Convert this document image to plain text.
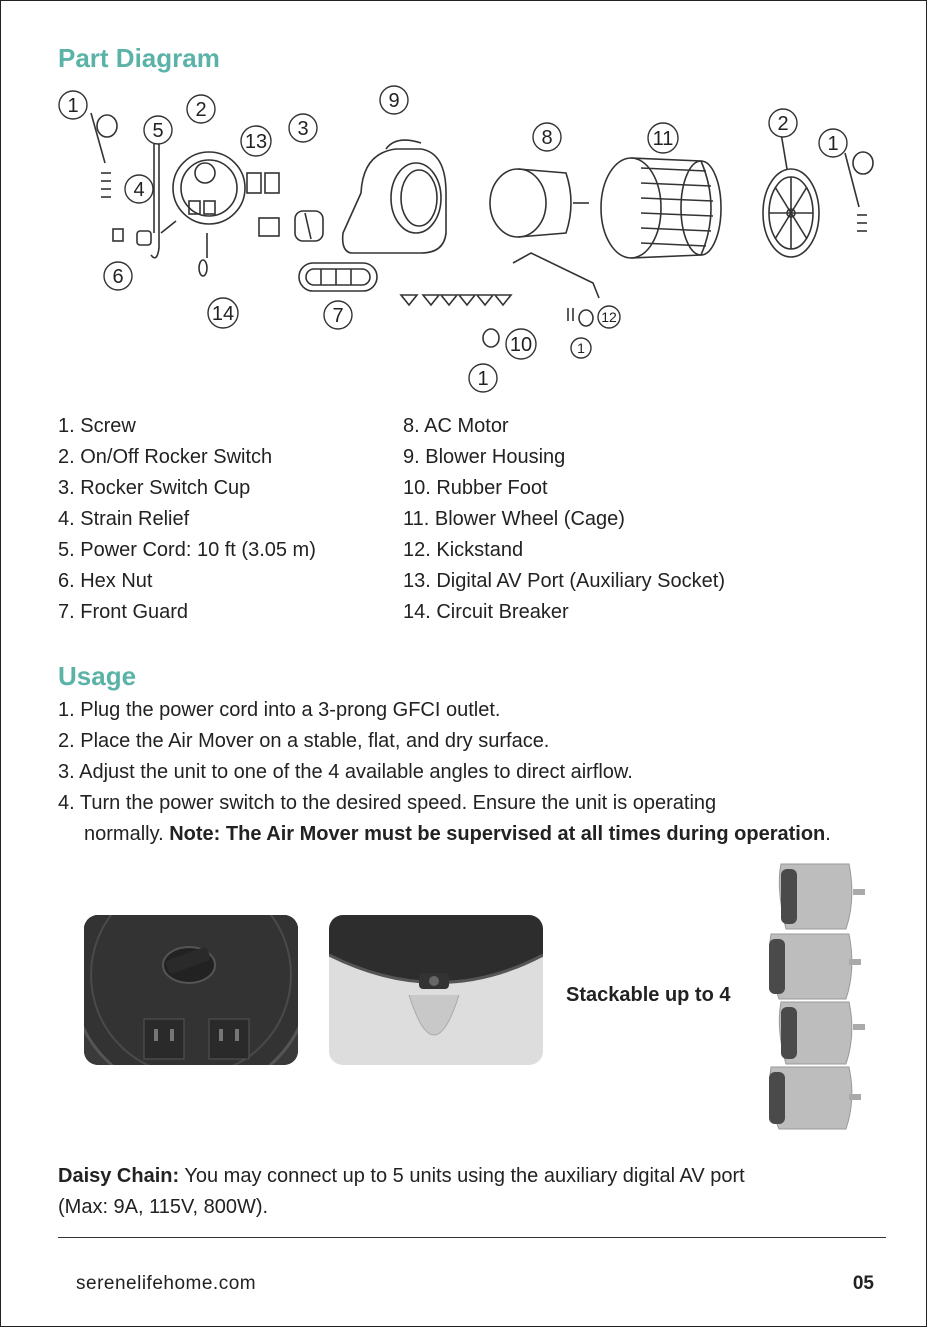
Part Diagram
1
5
2
13
3
9
8	11
2
1
4
6
14	7
10
1
12
1
1. Screw
2. On/Off Rocker Switch
3. Rocker Switch Cup
4. Strain Relief
5. Power Cord: 10 ft (3.05 m)
6. Hex Nut
7. Front Guard
8. AC Motor
9. Blower Housing
10. Rubber Foot
11. Blower Wheel (Cage)
12. Kickstand
13. Digital AV Port (Auxiliary Socket)
14. Circuit Breaker
Usage
1. Plug the power cord into a 3-prong GFCI outlet.
2. Place the Air Mover on a stable, flat, and dry surface.
3. Adjust the unit to one of the 4 available angles to direct airflow.
4. Turn the power switch to the desired speed. Ensure the unit is operating
normally. Note: The Air Mover must be supervised at all times during operation.
Stackable up to 4

Daisy Chain: You may connect up to 5 units using the auxiliary digital AV port
(Max: 9A, 115V, 800W).

serenelifehome.com	05
